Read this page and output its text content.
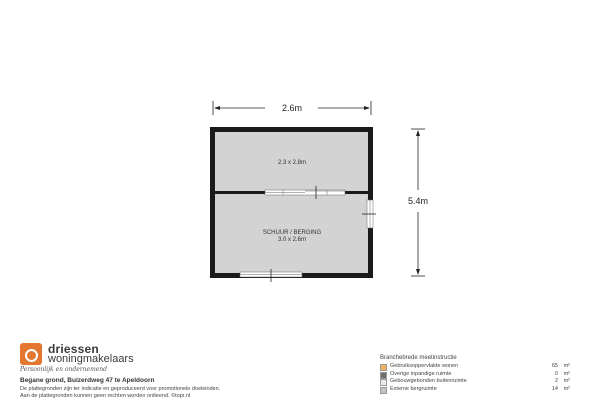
2.6m
5.4m
2.3 x 2.8m
SCHUUR / BERGING
3.0 x 2.6m
driessen
woningmakelaars
Persoonlijk en ondernemend
Begane grond, Buizerdweg 47 te Apeldoorn
De plattegronden zijn ter indicatie en geproduceerd voor promotionele doeleinden.
Aan de plattegronden kunnen geen rechten worden ontleend. ©topr.nl
Branchebrede meetinstructie
Gebruiksoppervlakte wonen	65 m²
Overige inpandige ruimte	0 m²
Gebouwgebonden buitenruimte	2 m²
Externe bergruimte	14 m²
